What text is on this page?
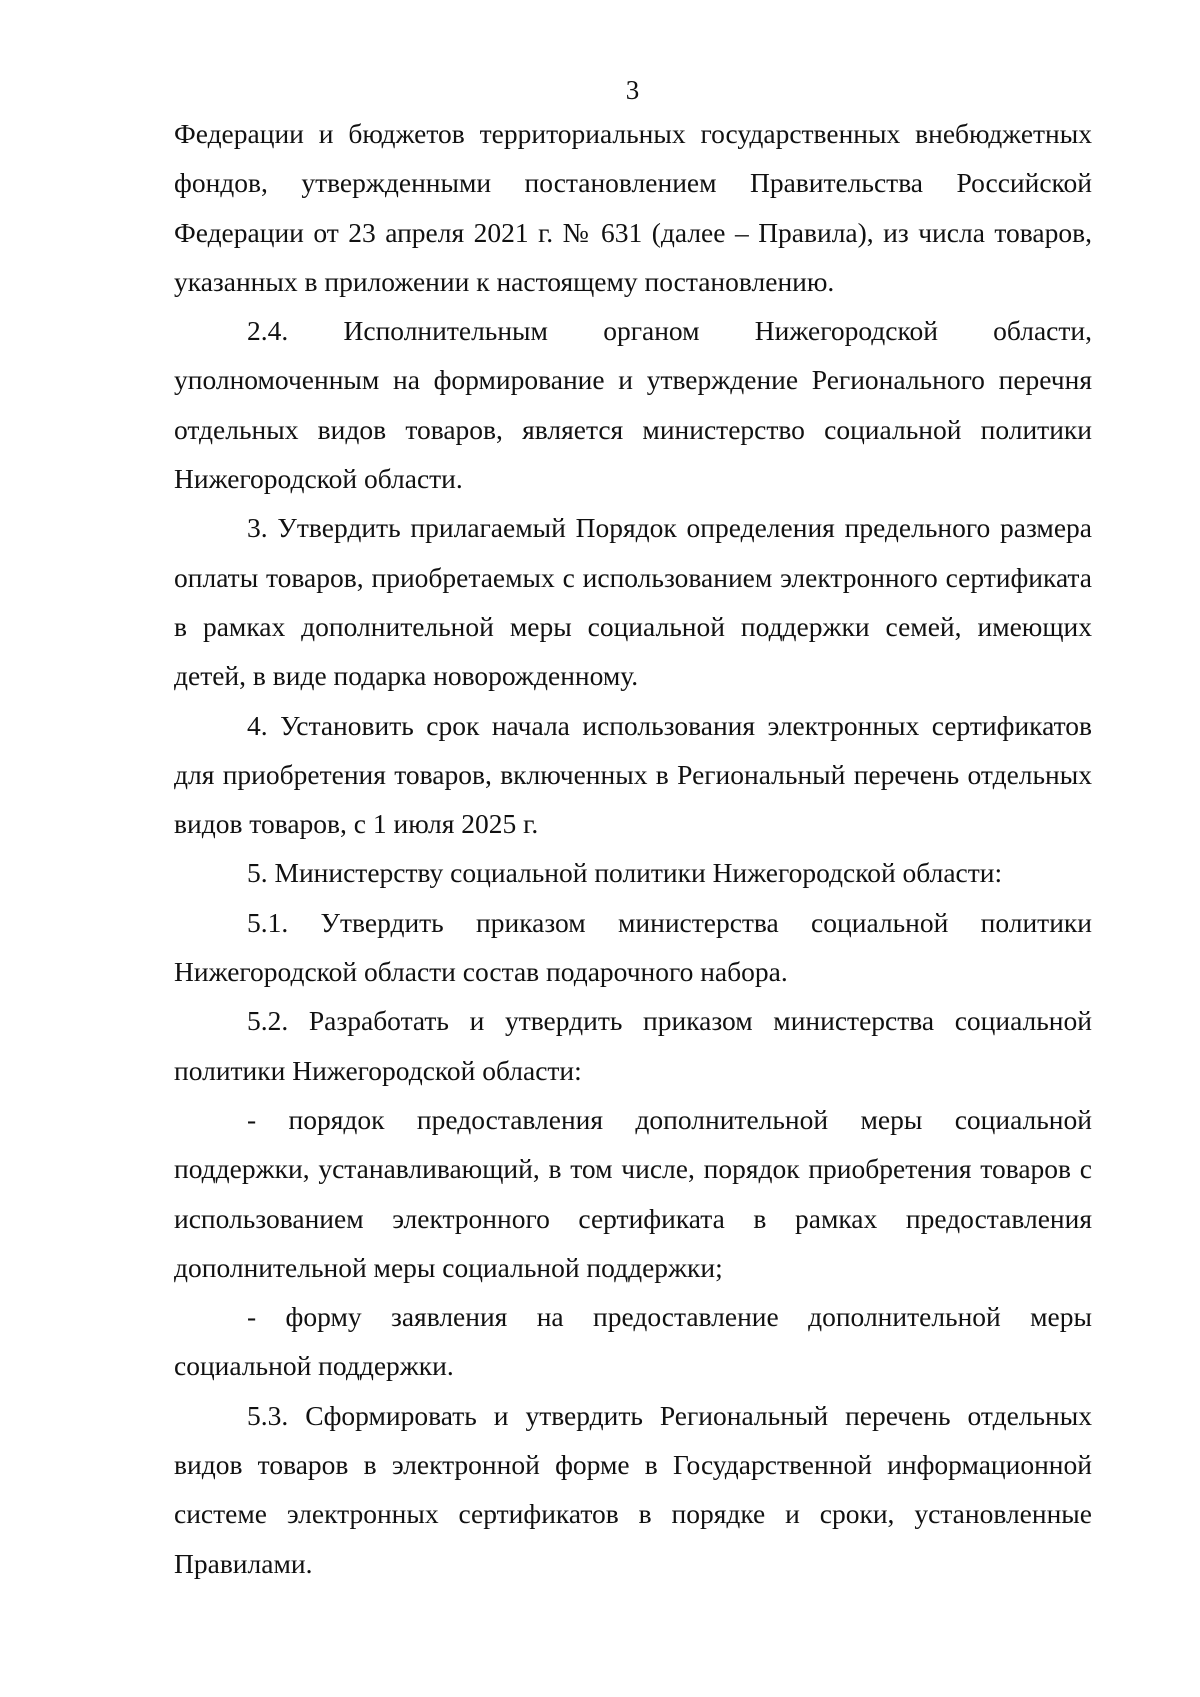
3

Федерации и бюджетов территориальных государственных внебюджетных фондов, утвержденными постановлением Правительства Российской Федерации от 23 апреля 2021 г. № 631 (далее – Правила), из числа товаров, указанных в приложении к настоящему постановлению.

2.4. Исполнительным органом Нижегородской области, уполномоченным на формирование и утверждение Регионального перечня отдельных видов товаров, является министерство социальной политики Нижегородской области.

3. Утвердить прилагаемый Порядок определения предельного размера оплаты товаров, приобретаемых с использованием электронного сертификата в рамках дополнительной меры социальной поддержки семей, имеющих детей, в виде подарка новорожденному.

4. Установить срок начала использования электронных сертификатов для приобретения товаров, включенных в Региональный перечень отдельных видов товаров, с 1 июля 2025 г.

5. Министерству социальной политики Нижегородской области:

5.1. Утвердить приказом министерства социальной политики Нижегородской области состав подарочного набора.

5.2. Разработать и утвердить приказом министерства социальной политики Нижегородской области:

- порядок предоставления дополнительной меры социальной поддержки, устанавливающий, в том числе, порядок приобретения товаров с использованием электронного сертификата в рамках предоставления дополнительной меры социальной поддержки;

- форму заявления на предоставление дополнительной меры социальной поддержки.

5.3. Сформировать и утвердить Региональный перечень отдельных видов товаров в электронной форме в Государственной информационной системе электронных сертификатов в порядке и сроки, установленные Правилами.
